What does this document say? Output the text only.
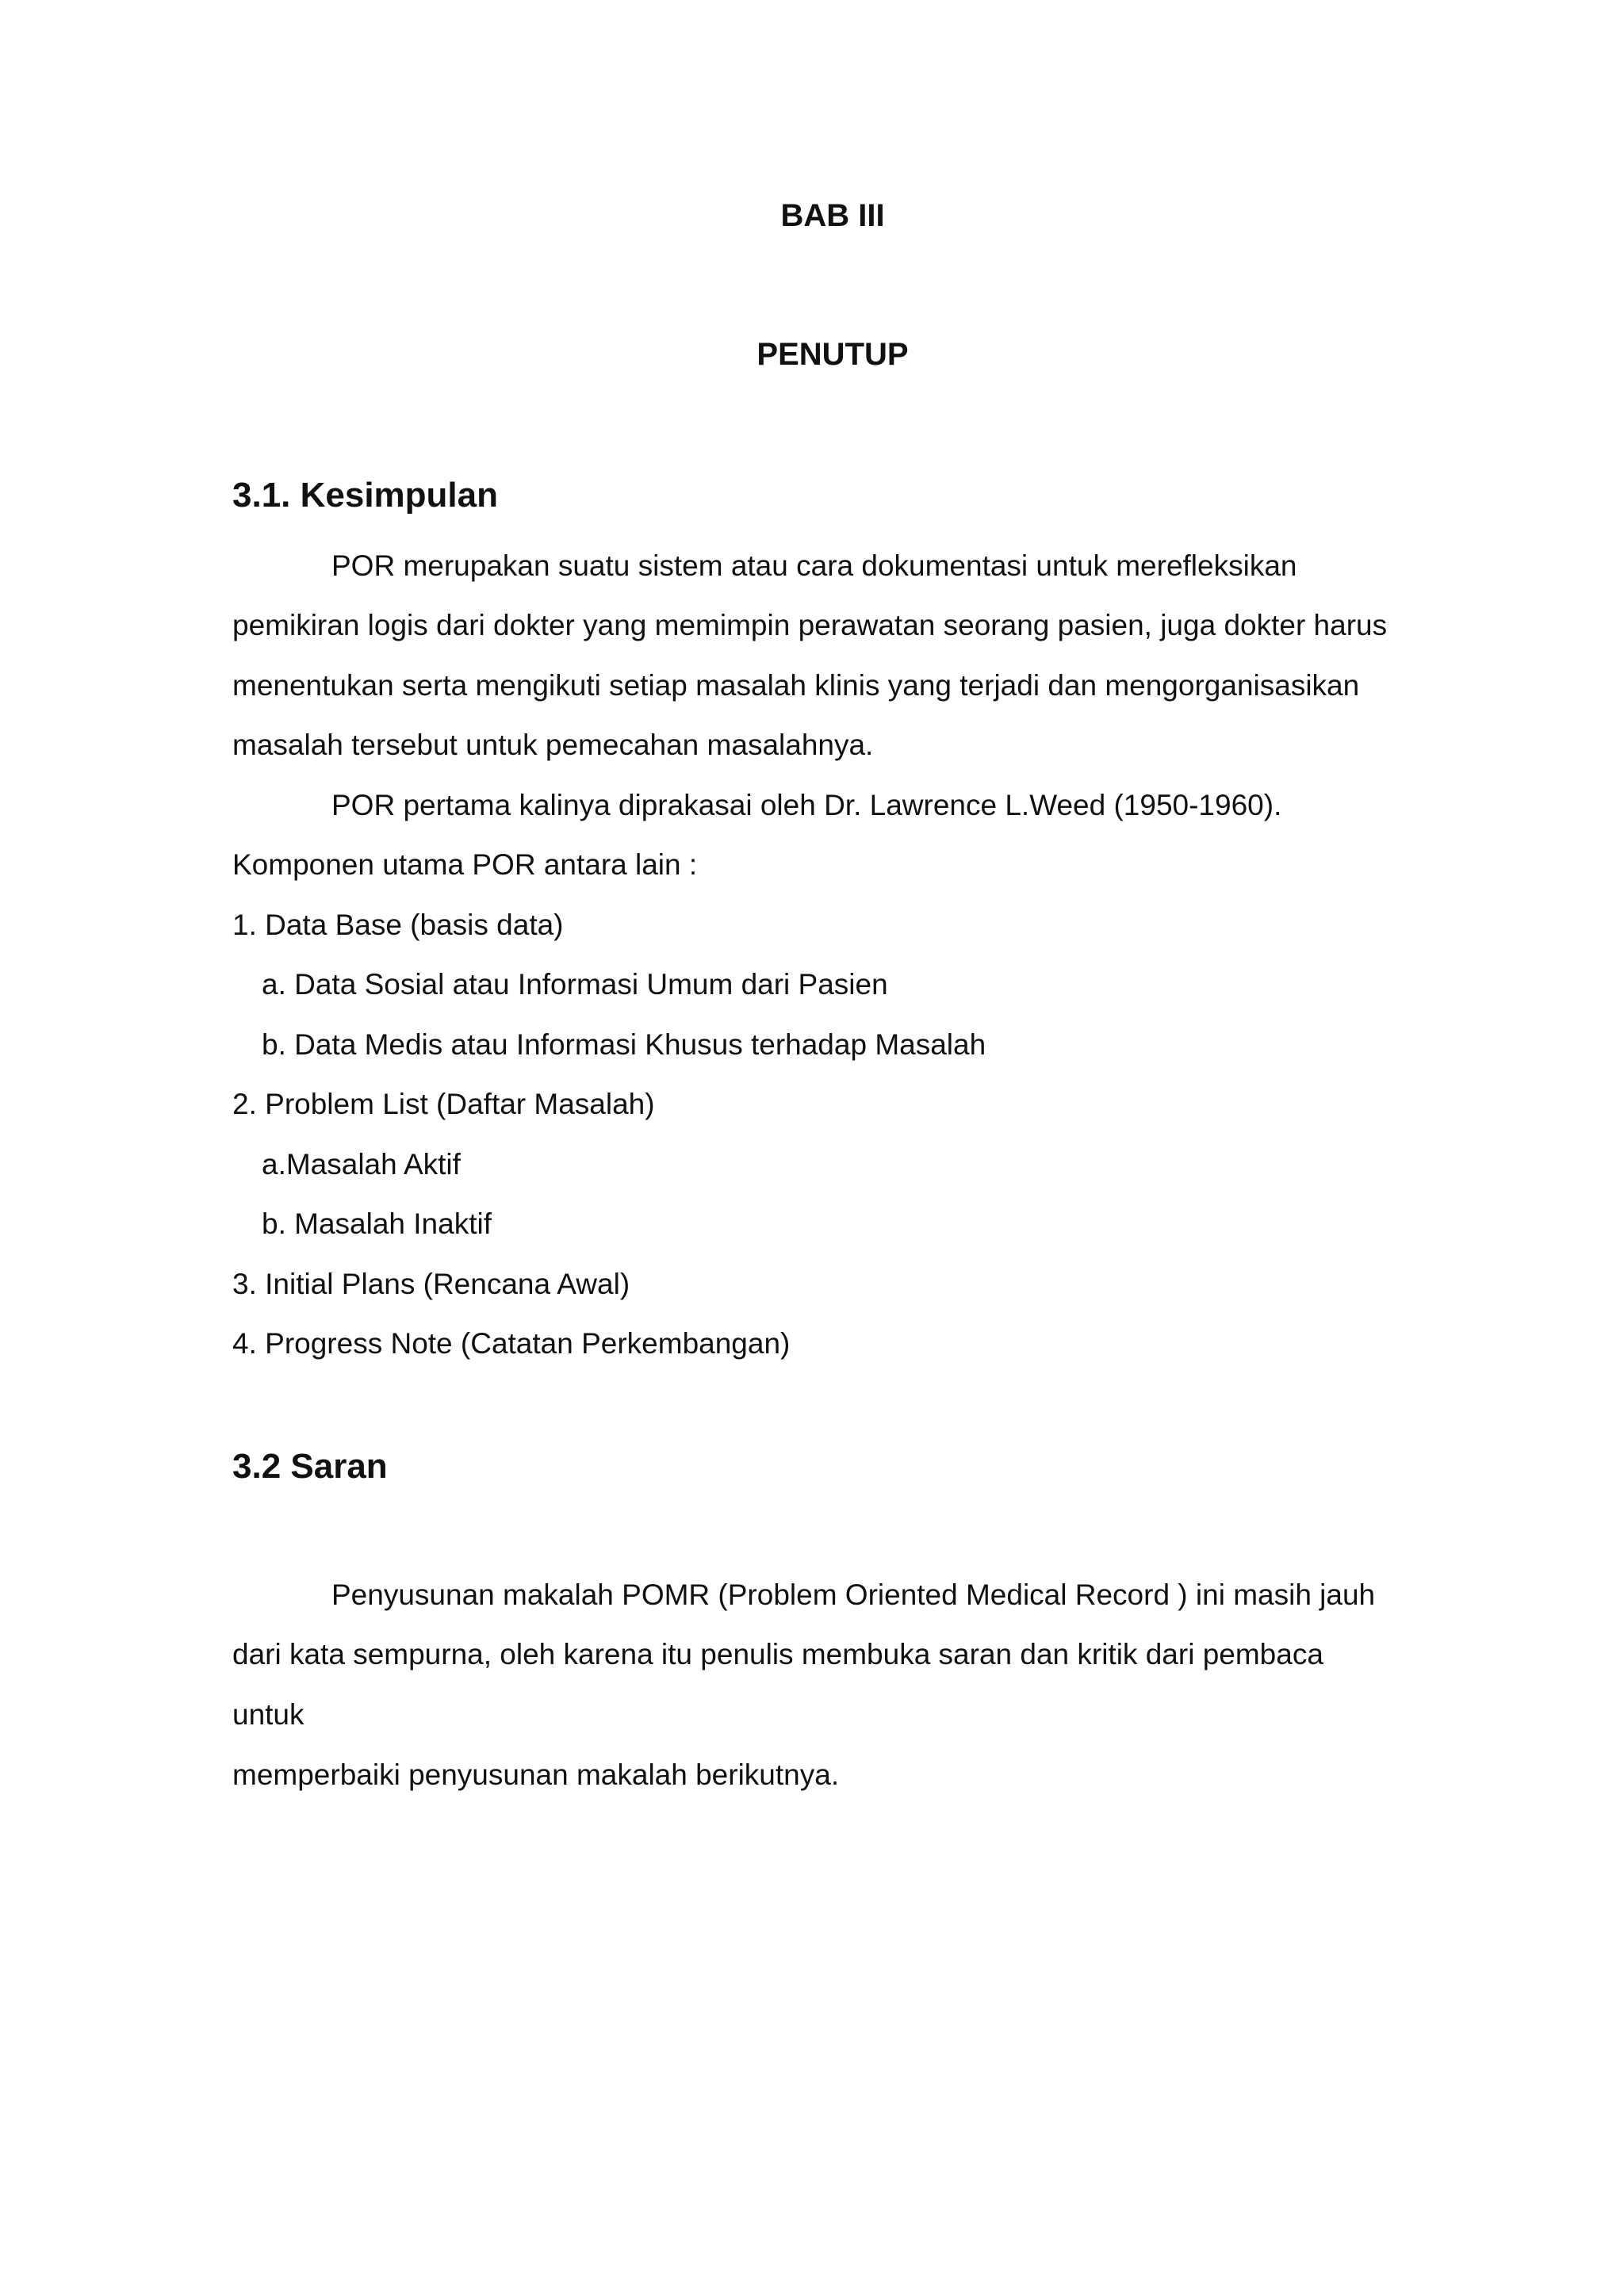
BAB III
PENUTUP
3.1. Kesimpulan

POR merupakan suatu sistem atau cara dokumentasi untuk merefleksikan

pemikiran logis dari dokter yang memimpin perawatan seorang pasien, juga dokter harus

menentukan serta mengikuti setiap masalah klinis yang terjadi dan mengorganisasikan

masalah tersebut untuk pemecahan masalahnya.

POR pertama kalinya diprakasai oleh Dr. Lawrence L.Weed (1950-1960).

Komponen utama POR antara lain :

1. Data Base (basis data)

a. Data Sosial atau Informasi Umum dari Pasien

b. Data Medis atau Informasi Khusus terhadap Masalah

2. Problem List (Daftar Masalah)

a.Masalah Aktif

b. Masalah Inaktif

3. Initial Plans (Rencana Awal)

4. Progress Note (Catatan Perkembangan)

3.2 Saran

Penyusunan makalah POMR (Problem Oriented Medical Record ) ini masih jauh

dari kata sempurna, oleh karena itu penulis membuka saran dan kritik dari pembaca

untuk

memperbaiki penyusunan makalah berikutnya.
